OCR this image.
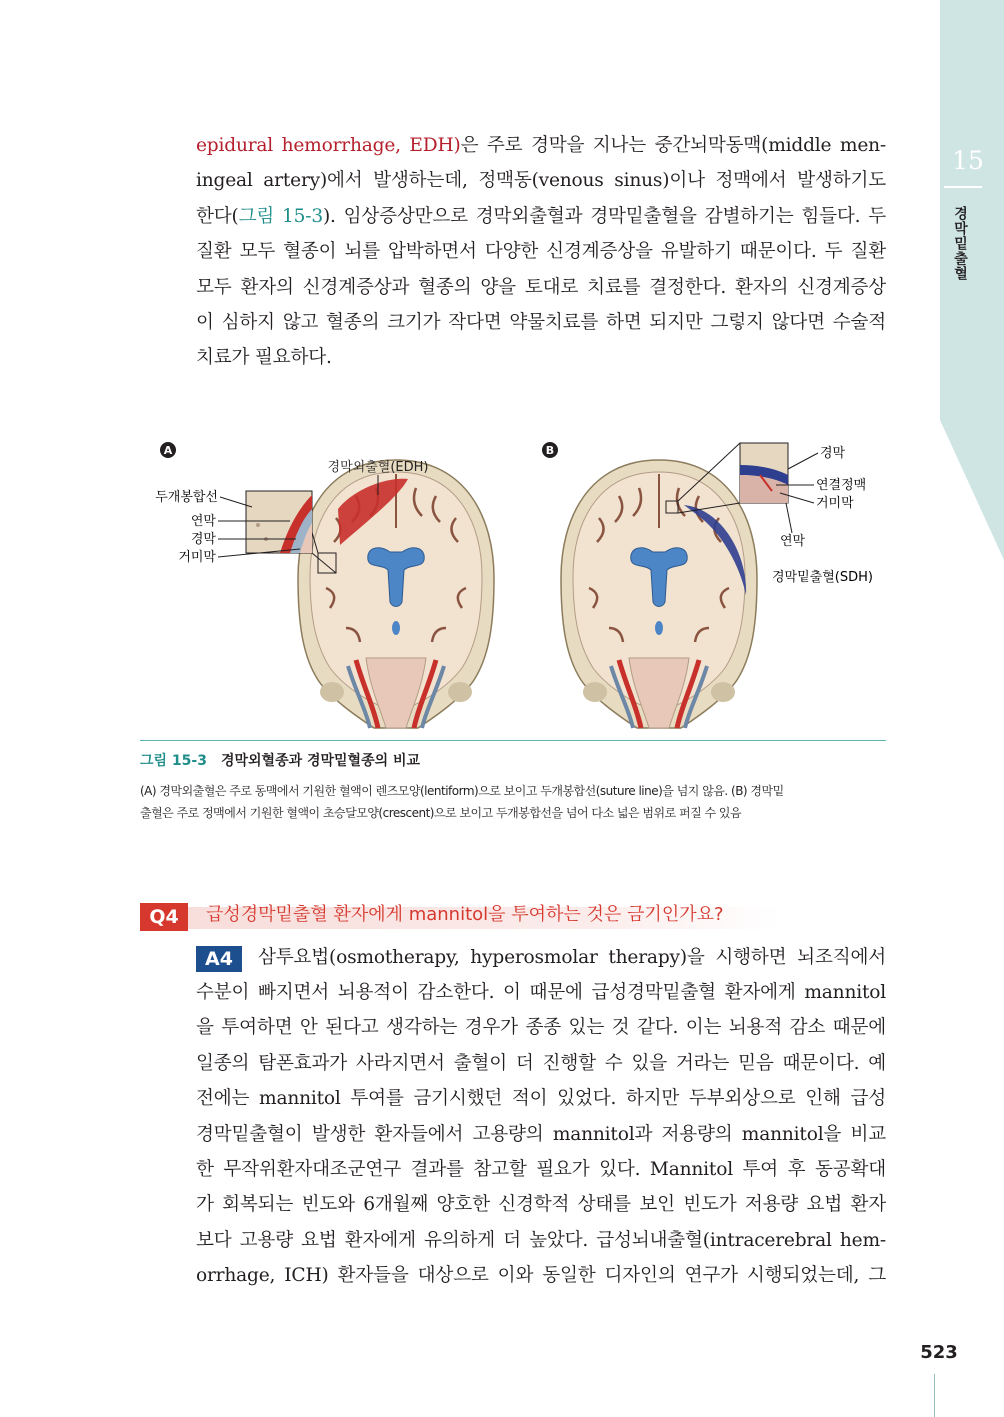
15
경막밑출혈
epidural hemorrhage, EDH)은 주로 경막을 지나는 중간뇌막동맥(middle men-
ingeal artery)에서 발생하는데, 정맥동(venous sinus)이나 정맥에서 발생하기도
한다(그림 15-3). 임상증상만으로 경막외출혈과 경막밑출혈을 감별하기는 힘들다. 두
질환 모두 혈종이 뇌를 압박하면서 다양한 신경계증상을 유발하기 때문이다. 두 질환
모두 환자의 신경계증상과 혈종의 양을 토대로 치료를 결정한다. 환자의 신경계증상
이 심하지 않고 혈종의 크기가 작다면 약물치료를 하면 되지만 그렇지 않다면 수술적
치료가 필요하다.
A
경막외출혈(EDH)
두개봉합선
연막
경막
거미막
B	경막
연결정맥
거미막
연막
경막밑출혈(SDH)
그림 15-3 경막외혈종과 경막밑혈종의 비교
(A) 경막외출혈은 주로 동맥에서 기원한 혈액이 렌즈모양(lentiform)으로 보이고 두개봉합선(suture line)을 넘지 않음. (B) 경막밑
출혈은 주로 정맥에서 기원한 혈액이 초승달모양(crescent)으로 보이고 두개봉합선을 넘어 다소 넓은 범위로 퍼질 수 있음
Q4	급성경막밑출혈 환자에게 mannitol을 투여하는 것은 금기인가요?
A4	삼투요법(osmotherapy, hyperosmolar therapy)을 시행하면 뇌조직에서
수분이 빠지면서 뇌용적이 감소한다. 이 때문에 급성경막밑출혈 환자에게 mannitol
을 투여하면 안 된다고 생각하는 경우가 종종 있는 것 같다. 이는 뇌용적 감소 때문에
일종의 탐폰효과가 사라지면서 출혈이 더 진행할 수 있을 거라는 믿음 때문이다. 예
전에는 mannitol 투여를 금기시했던 적이 있었다. 하지만 두부외상으로 인해 급성
경막밑출혈이 발생한 환자들에서 고용량의 mannitol과 저용량의 mannitol을 비교
한 무작위환자대조군연구 결과를 참고할 필요가 있다. Mannitol 투여 후 동공확대
가 회복되는 빈도와 6개월째 양호한 신경학적 상태를 보인 빈도가 저용량 요법 환자
보다 고용량 요법 환자에게 유의하게 더 높았다. 급성뇌내출혈(intracerebral hem-
orrhage, ICH) 환자들을 대상으로 이와 동일한 디자인의 연구가 시행되었는데, 그
523
